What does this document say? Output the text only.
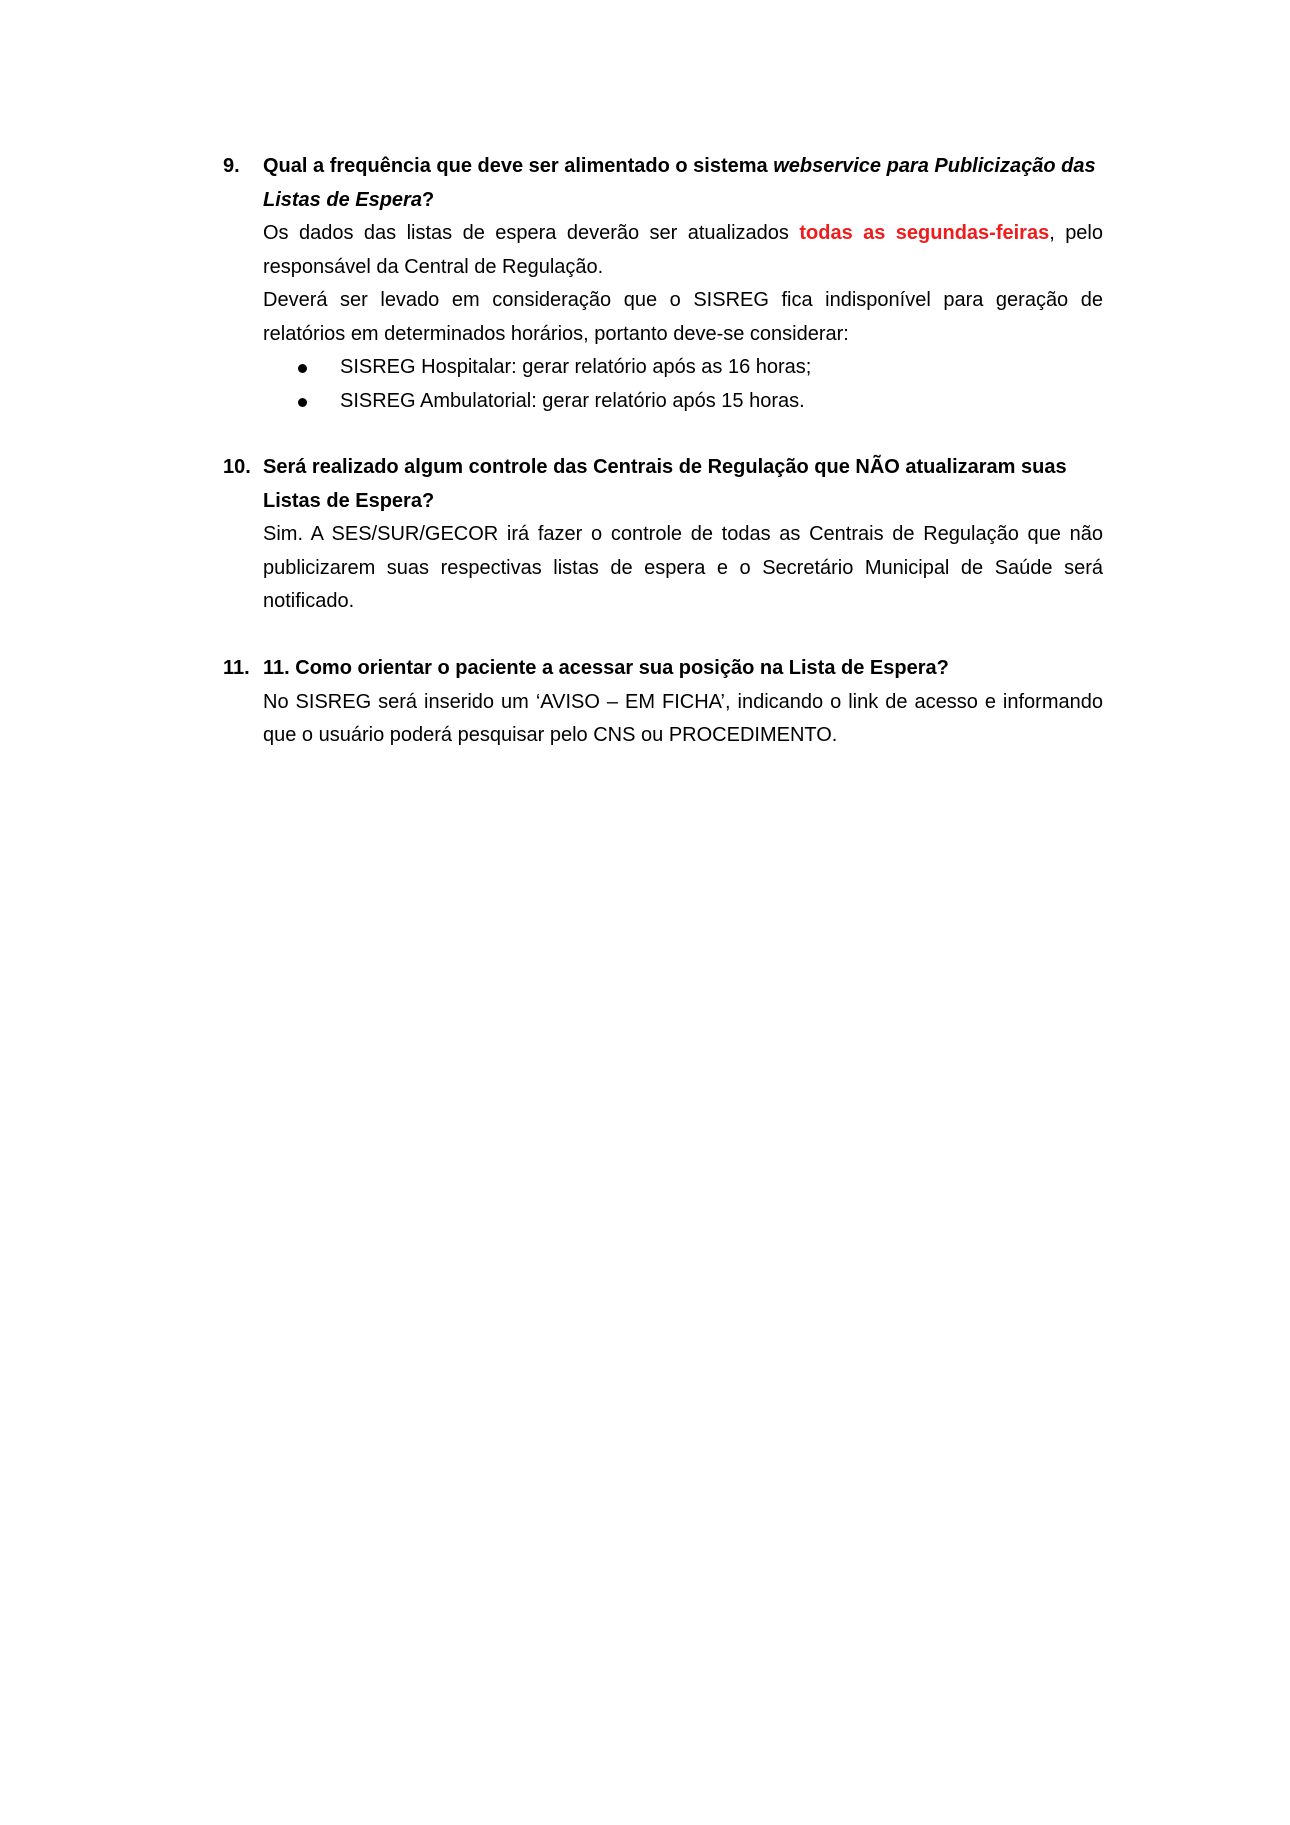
9.	Qual a frequência que deve ser alimentado o sistema webservice para Publicização das Listas de Espera?

Os dados das listas de espera deverão ser atualizados todas as segundas-feiras, pelo responsável da Central de Regulação.

Deverá ser levado em consideração que o SISREG fica indisponível para geração de relatórios em determinados horários, portanto deve-se considerar:

SISREG Hospitalar: gerar relatório após as 16 horas;
SISREG Ambulatorial: gerar relatório após 15 horas.
10. Será realizado algum controle das Centrais de Regulação que NÃO atualizaram suas Listas de Espera?

Sim. A SES/SUR/GECOR irá fazer o controle de todas as Centrais de Regulação que não publicizarem suas respectivas listas de espera e o Secretário Municipal de Saúde será notificado.

11. 11. Como orientar o paciente a acessar sua posição na Lista de Espera?

No SISREG será inserido um ‘AVISO – EM FICHA’, indicando o link de acesso e informando que o usuário poderá pesquisar pelo CNS ou PROCEDIMENTO.
